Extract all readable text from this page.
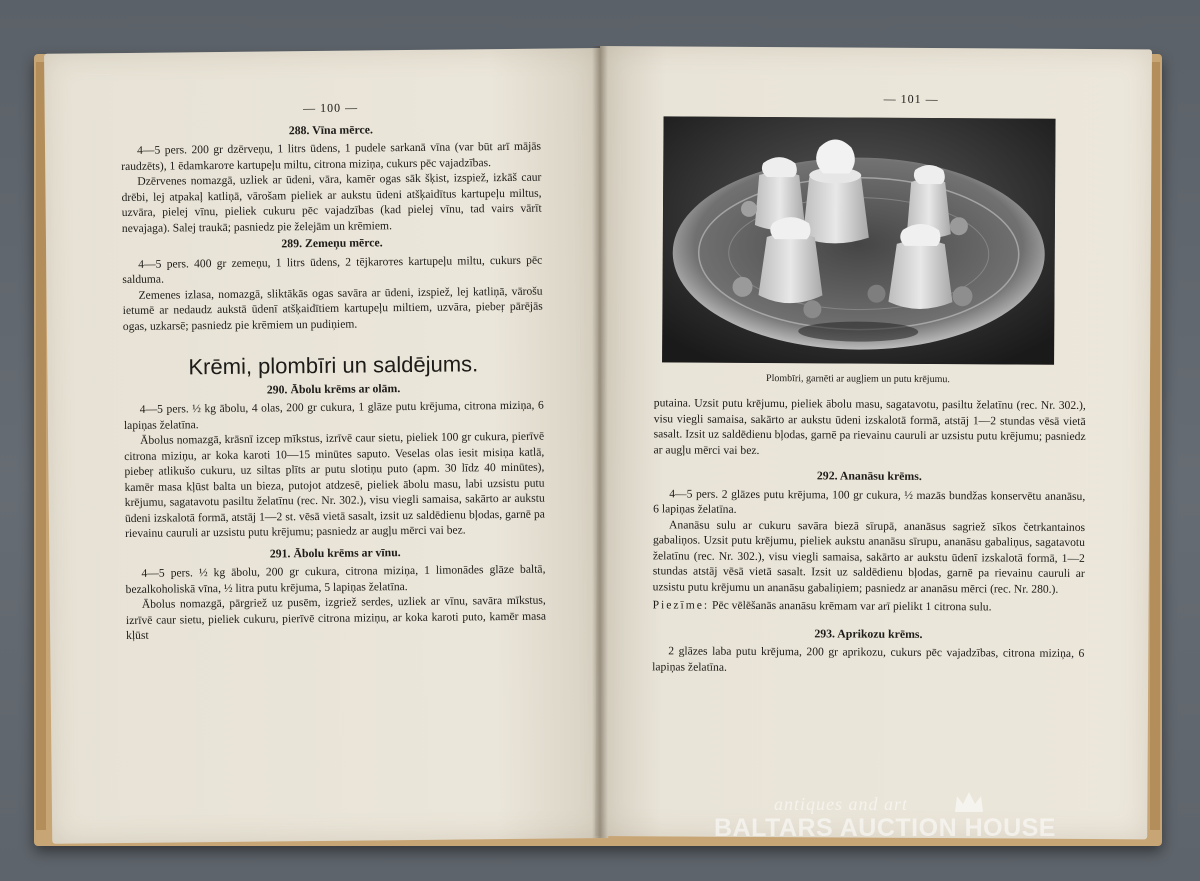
— 100 —
288. Vīna mērce.

4—5 pers. 200 gr dzērveņu, 1 litrs ūdens, 1 pudele sarkanā vīna (var būt arī mājās raudzēts), 1 ēdamkaroте kartupeļu miltu, citrona miziņa, cukurs pēc vajadzības.

Dzērvenes nomazgā, uzliek ar ūdeni, vāra, kamēr ogas sāk šķist, izspiež, izkāš caur drēbi, lej atpakaļ katliņā, vārošam pieliek ar aukstu ūdeni atšķaidītus kartupeļu miltus, uzvāra, pielej vīnu, pieliek cukuru pēc vajadzības (kad pielej vīnu, tad vairs vārīt nevajaga). Salej traukā; pasniedz pie želejām un krēmiem.

289. Zemeņu mērce.

4—5 pers. 400 gr zemeņu, 1 litrs ūdens, 2 tējkaroтes kartupeļu miltu, cukurs pēc salduma.

Zemenes izlasa, nomazgā, sliktākās ogas savāra ar ūdeni, izspiež, lej katliņā, vārošu ietumē ar nedaudz aukstā ūdenī atšķaidītiem kartupeļu miltiem, uzvāra, piebeŗ pārējās ogas, uzkarsē; pasniedz pie krēmiem un pudiņiem.

Krēmi, plombīri un saldējums.
290. Ābolu krēms ar olām.

4—5 pers. ½ kg ābolu, 4 olas, 200 gr cukura, 1 glāze putu krējuma, citrona miziņa, 6 lapiņas želatīna.

Ābolus nomazgā, krāsnī izcep mīkstus, izrīvē caur sietu, pieliek 100 gr cukura, pierīvē citrona miziņu, ar koka karoti 10—15 minūtes saputo. Veselas olas iesit misiņa katlā, piebeŗ atlikušo cukuru, uz siltas plīts ar putu slotiņu puto (apm. 30 līdz 40 minūtes), kamēr masa kļūst balta un bieza, putojot atdzesē, pieliek ābolu masu, labi uzsistu putu krējumu, sagatavotu pasiltu želatīnu (rec. Nr. 302.), visu viegli samaisa, sakārto ar aukstu ūdeni izskalotā formā, atstāj 1—2 st. vēsā vietā sasalt, izsit uz saldēdienu bļodas, garnē pa rievainu cauruli ar uzsistu putu krējumu; pasniedz ar augļu mērci vai bez.

291. Ābolu krēms ar vīnu.

4—5 pers. ½ kg ābolu, 200 gr cukura, citrona miziņa, 1 limonādes glāze baltā, bezalkoholiskā vīna, ½ litra putu krējuma, 5 lapiņas želatīna.

Ābolus nomazgā, pārgriež uz pusēm, izgriež serdes, uzliek ar vīnu, savāra mīkstus, izrīvē caur sietu, pieliek cukuru, pierīvē citrona miziņu, ar koka karoti puto, kamēr masa kļūst

— 101 —
Plombīri, garnēti ar augļiem un putu krējumu.

putaina. Uzsit putu krējumu, pieliek ābolu masu, sagatavotu, pasiltu želatīnu (rec. Nr. 302.), visu viegli samaisa, sakārto ar aukstu ūdeni izskalotā formā, atstāj 1—2 stundas vēsā vietā sasalt. Izsit uz saldēdienu bļodas, garnē pa rievainu cauruli ar uzsistu putu krējumu; pasniedz ar augļu mērci vai bez.

292. Ananāsu krēms.

4—5 pers. 2 glāzes putu krējuma, 100 gr cukura, ½ mazās bundžas konservētu ananāsu, 6 lapiņas želatīna.

Ananāsu sulu ar cukuru savāra biezā sīrupā, ananāsus sagriež sīkos četrkantainos gabaliņos. Uzsit putu krējumu, pieliek aukstu ananāsu sīrupu, ananāsu gabaliņus, sagatavotu želatīnu (rec. Nr. 302.), visu viegli samaisa, sakārto ar aukstu ūdenī izskalotā formā, 1—2 stundas atstāj vēsā vietā sasalt. Izsit uz saldēdienu bļodas, garnē pa rievainu cauruli ar uzsistu putu krējumu un ananāsu gabaliņiem; pasniedz ar ananāsu mērci (rec. Nr. 280.).

Piezīme: Pēc vēlēšanās ananāsu krēmam var arī pielikt 1 citrona sulu.

293. Aprikozu krēms.

2 glāzes laba putu krējuma, 200 gr aprikozu, cukurs pēc vajadzības, citrona miziņa, 6 lapiņas želatīna.

antiques and art
BALTARS AUCTION HOUSE
